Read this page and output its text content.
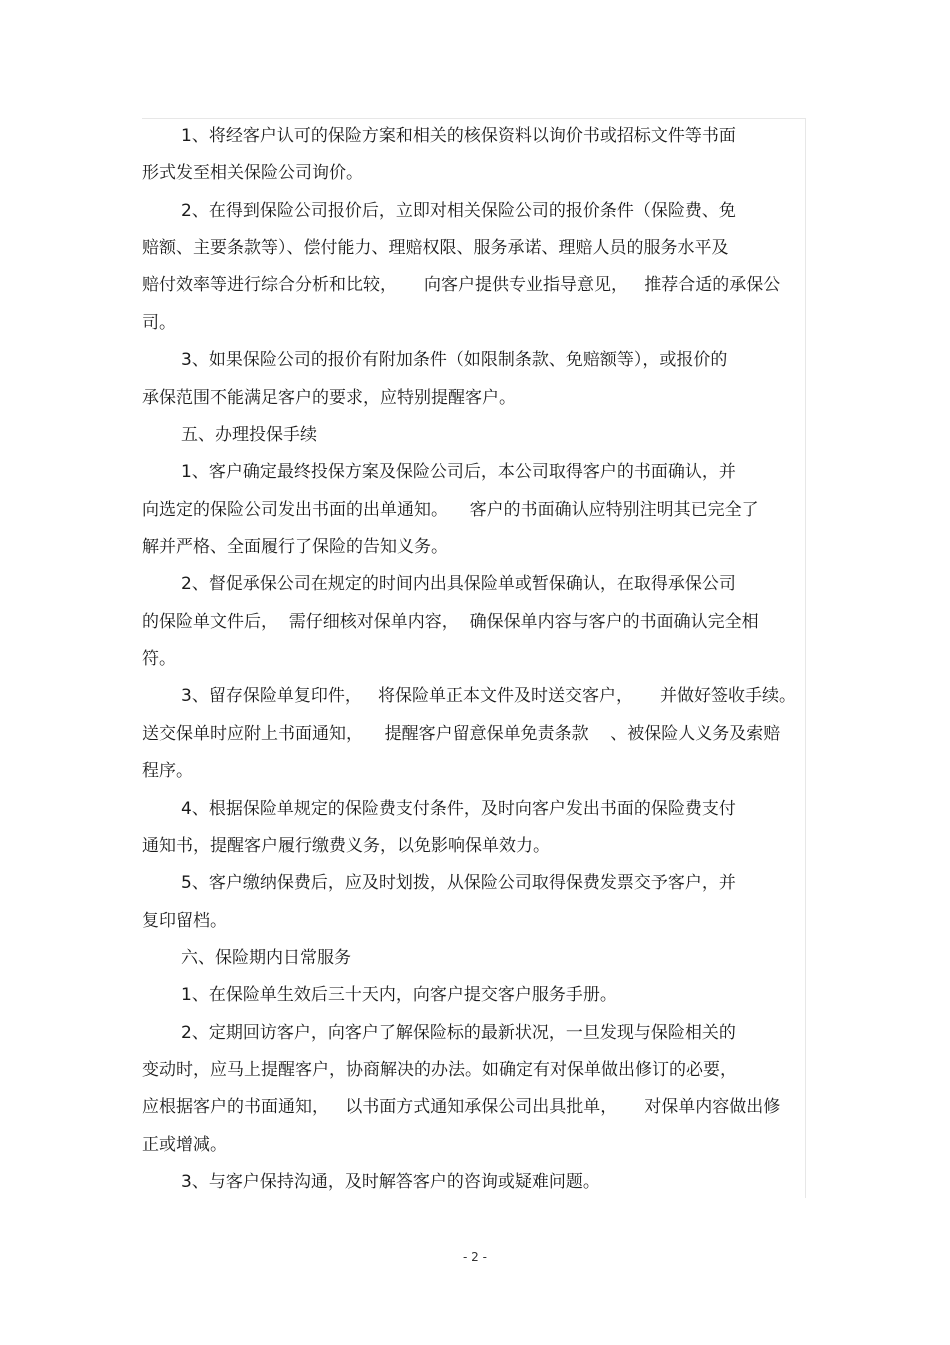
1、将经客户认可的保险方案和相关的核保资料以询价书或招标文件等书面
形式发至相关保险公司询价。
2、在得到保险公司报价后，立即对相关保险公司的报价条件（保险费、免
赔额、主要条款等）、偿付能力、理赔权限、服务承诺、理赔人员的服务水平及
赔付效率等进行综合分析和比较，     向客户提供专业指导意见，   推荐合适的承保公
司。
3、如果保险公司的报价有附加条件（如限制条款、免赔额等），或报价的
承保范围不能满足客户的要求，应特别提醒客户。
五、办理投保手续
1、客户确定最终投保方案及保险公司后，本公司取得客户的书面确认，并
向选定的保险公司发出书面的出单通知。    客户的书面确认应特别注明其已完全了
解并严格、全面履行了保险的告知义务。
2、督促承保公司在规定的时间内出具保险单或暂保确认，在取得承保公司
的保险单文件后，  需仔细核对保单内容，  确保保单内容与客户的书面确认完全相
符。
3、留存保险单复印件，   将保险单正本文件及时送交客户，     并做好签收手续。
送交保单时应附上书面通知，    提醒客户留意保单免责条款    、被保险人义务及索赔
程序。
4、根据保险单规定的保险费支付条件，及时向客户发出书面的保险费支付
通知书，提醒客户履行缴费义务，以免影响保单效力。
5、客户缴纳保费后，应及时划拨，从保险公司取得保费发票交予客户，并
复印留档。
六、保险期内日常服务
1、在保险单生效后三十天内，向客户提交客户服务手册。
2、定期回访客户，向客户了解保险标的最新状况，一旦发现与保险相关的
变动时，应马上提醒客户，协商解决的办法。如确定有对保单做出修订的必要，
应根据客户的书面通知，   以书面方式通知承保公司出具批单，     对保单内容做出修
正或增减。
3、与客户保持沟通，及时解答客户的咨询或疑难问题。
- 2 -
